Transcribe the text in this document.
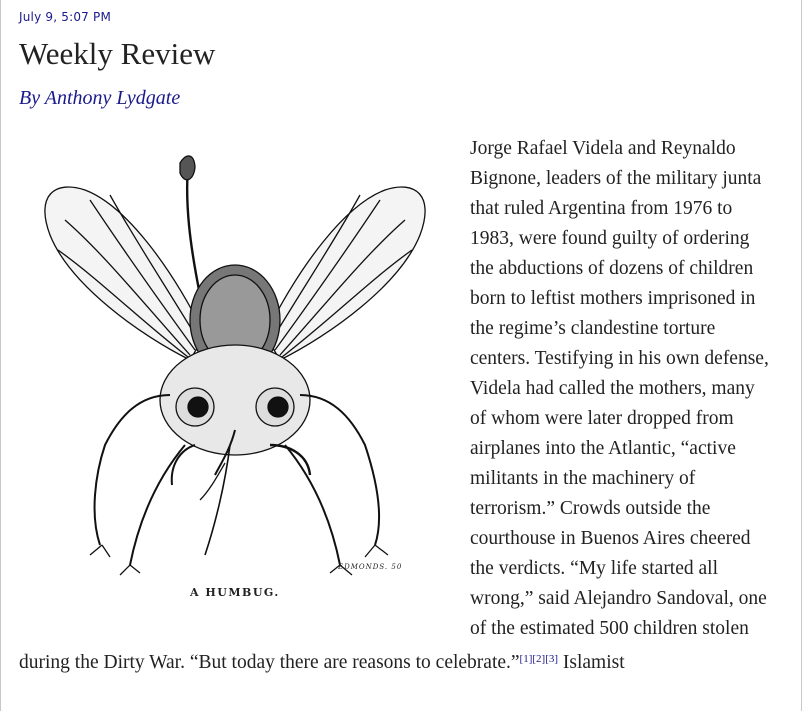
July 9, 5:07 PM
Weekly Review
By Anthony Lydgate

Jorge Rafael Videla and Reynaldo Bignone, leaders of the military junta that ruled Argentina from 1976 to 1983, were found guilty of ordering the abductions of dozens of children born to leftist mothers imprisoned in the regime’s clandestine torture centers. Testifying in his own defense, Videla had called the mothers, many of whom were later dropped from airplanes into the Atlantic, “active militants in the machinery of terrorism.” Crowds outside the courthouse in Buenos Aires cheered the verdicts. “My life started all wrong,” said Alejandro Sandoval, one of the estimated 500 children stolen during the Dirty War. “But today there are reasons to celebrate.”[1][2][3] Islamist

EDMONDS. 50
A HUMBUG.
